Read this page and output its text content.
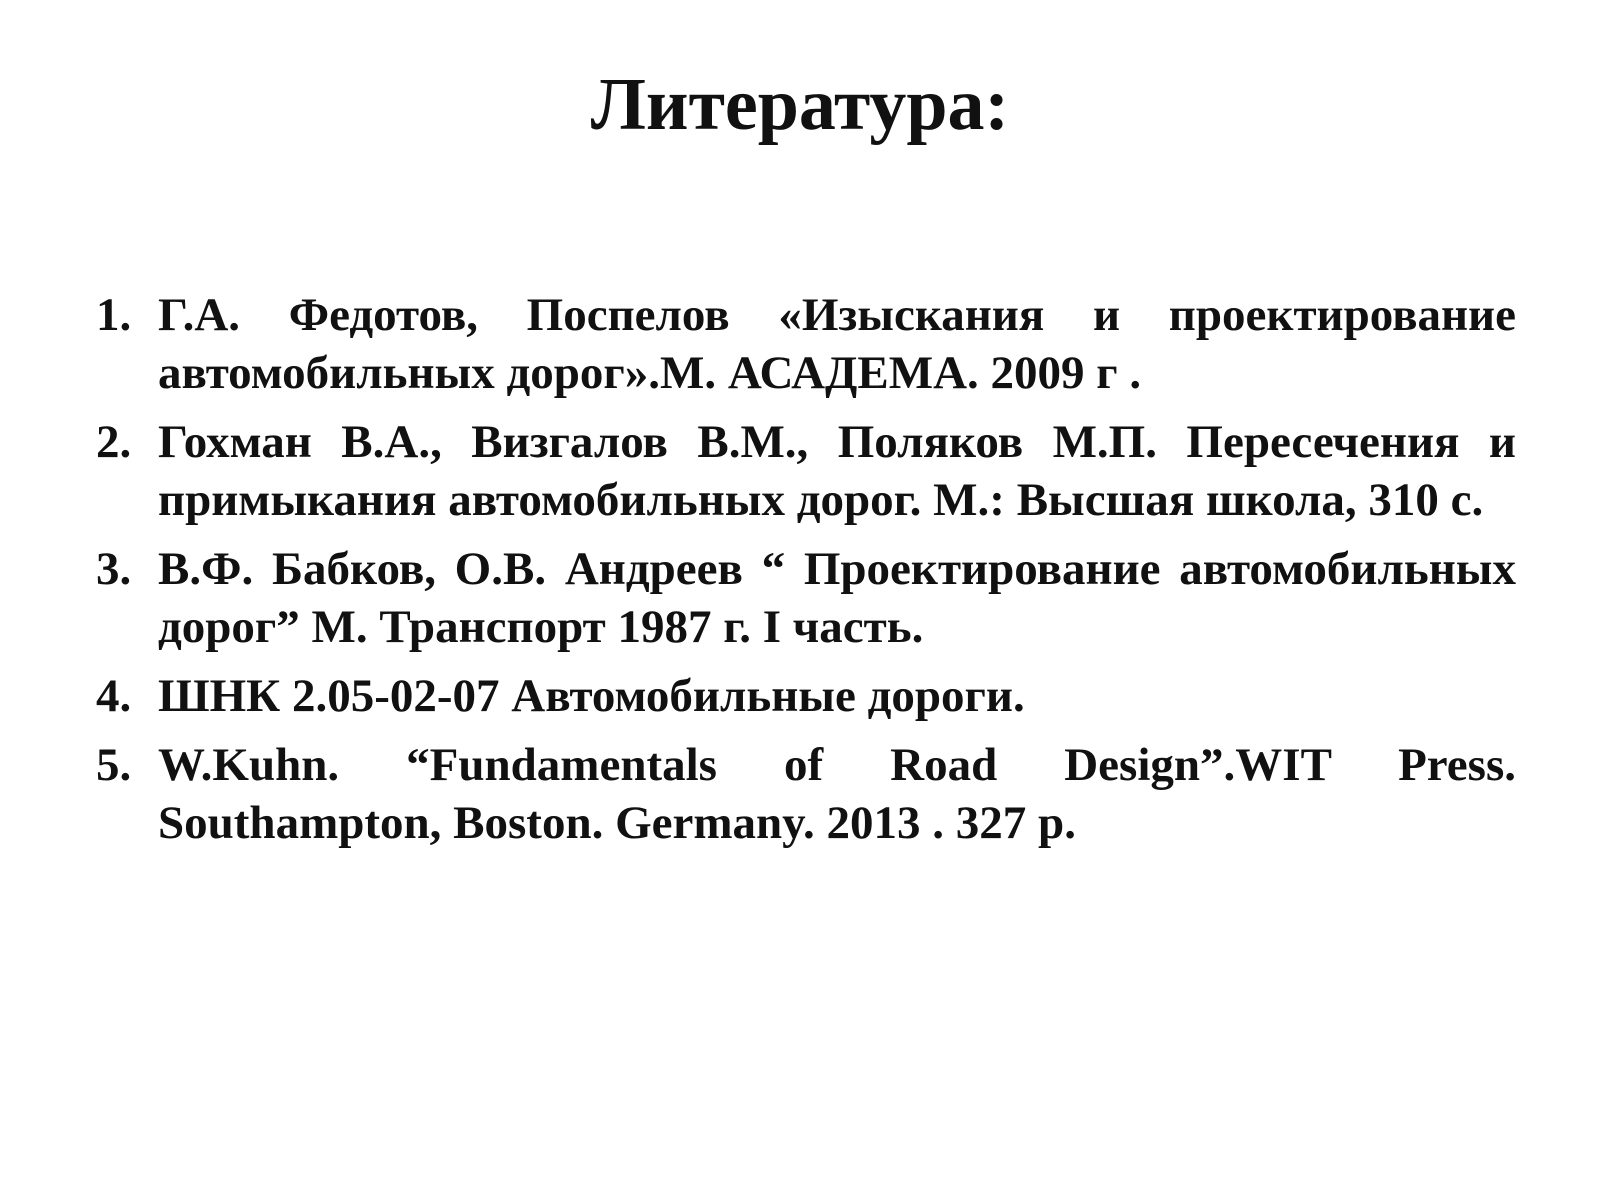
Литература:
1. Г.А. Федотов, Поспелов «Изыскания и проектирование автомобильных дорог».М. АСАДЕМА. 2009 г .
2. Гохман В.А., Визгалов В.М., Поляков М.П. Пересечения и примыкания автомобильных дорог. М.: Высшая школа, 310 с.
3. В.Ф. Бабков, О.В. Андреев “ Проектирование автомобильных дорог” М. Транспорт 1987 г. I часть.
4. ШНК 2.05-02-07 Автомобильные дороги.
5. W.Kuhn. “Fundamentals of Road Design”.WIT Press. Southampton, Boston. Germany. 2013 . 327 p.
